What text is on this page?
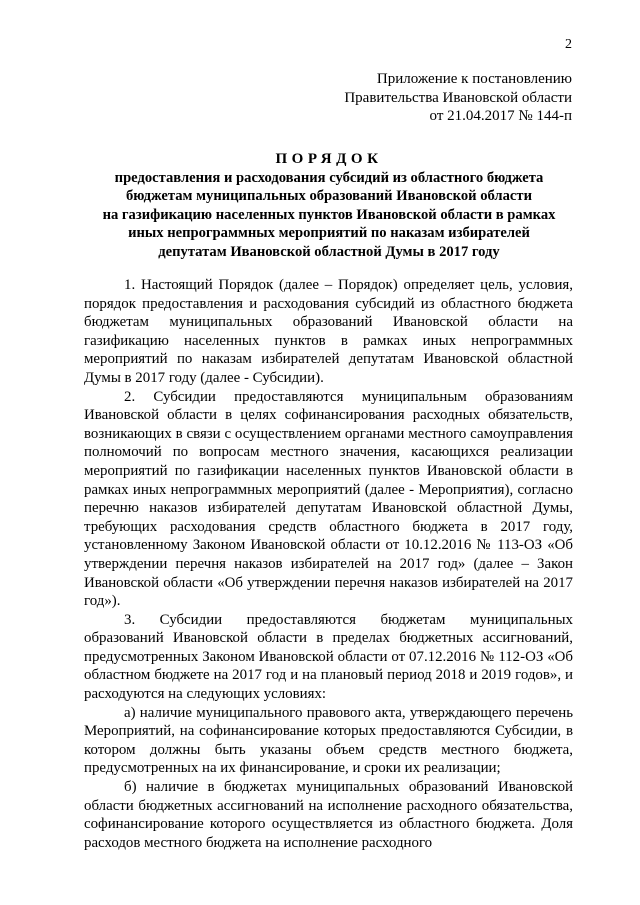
2
Приложение к постановлению
Правительства Ивановской области
от 21.04.2017 № 144-п
ПОРЯДОК
предоставления и расходования субсидий из областного бюджета
бюджетам муниципальных образований Ивановской области
на газификацию населенных пунктов Ивановской области в рамках
иных непрограммных мероприятий по наказам избирателей
депутатам Ивановской областной Думы в 2017 году

1. Настоящий Порядок (далее – Порядок) определяет цель, условия, порядок предоставления и расходования субсидий из областного бюджета бюджетам муниципальных образований Ивановской области на газификацию населенных пунктов в рамках иных непрограммных мероприятий по наказам избирателей депутатам Ивановской областной Думы в 2017 году (далее - Субсидии).

2. Субсидии предоставляются муниципальным образованиям Ивановской области в целях софинансирования расходных обязательств, возникающих в связи с осуществлением органами местного самоуправления полномочий по вопросам местного значения, касающихся реализации мероприятий по газификации населенных пунктов Ивановской области в рамках иных непрограммных мероприятий (далее - Мероприятия), согласно перечню наказов избирателей депутатам Ивановской областной Думы, требующих расходования средств областного бюджета в 2017 году, установленному Законом Ивановской области от 10.12.2016 № 113-ОЗ «Об утверждении перечня наказов избирателей на 2017 год» (далее – Закон Ивановской области «Об утверждении перечня наказов избирателей на 2017 год»).

3. Субсидии предоставляются бюджетам муниципальных образований Ивановской области в пределах бюджетных ассигнований, предусмотренных Законом Ивановской области от 07.12.2016 № 112-ОЗ «Об областном бюджете на 2017 год и на плановый период 2018 и 2019 годов», и расходуются на следующих условиях:

а) наличие муниципального правового акта, утверждающего перечень Мероприятий, на софинансирование которых предоставляются Субсидии, в котором должны быть указаны объем средств местного бюджета, предусмотренных на их финансирование, и сроки их реализации;

б) наличие в бюджетах муниципальных образований Ивановской области бюджетных ассигнований на исполнение расходного обязательства, софинансирование которого осуществляется из областного бюджета. Доля расходов местного бюджета на исполнение расходного
